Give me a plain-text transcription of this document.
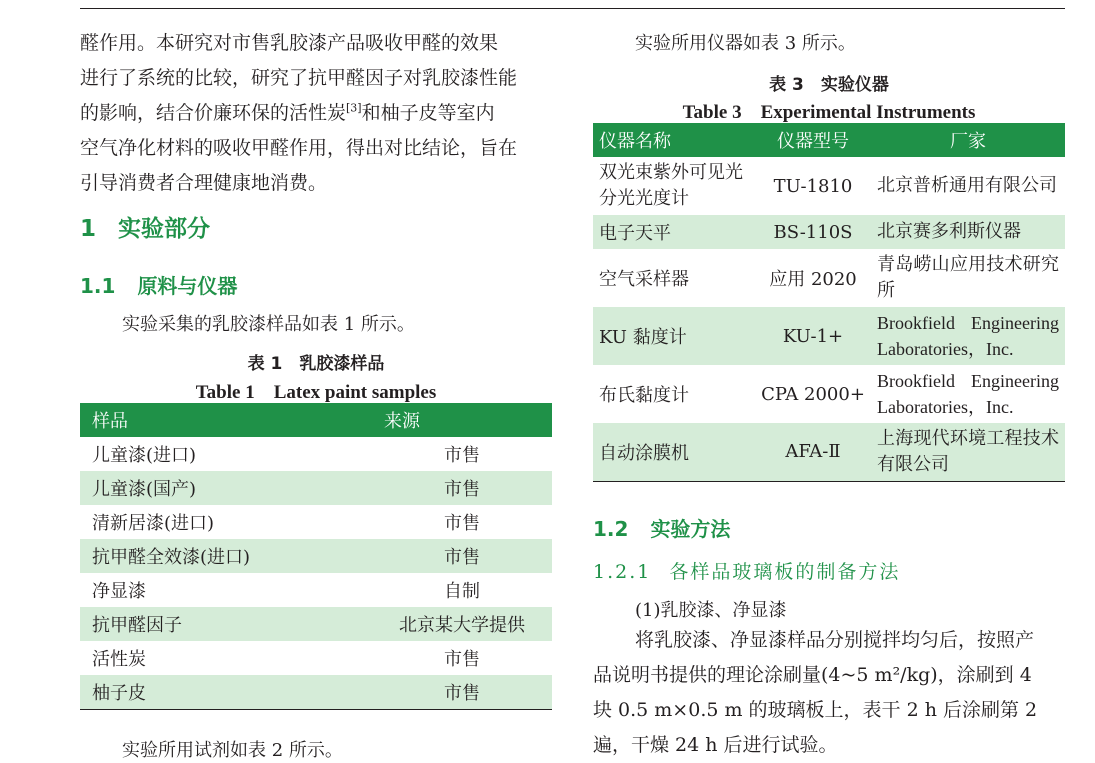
醛作用。本研究对市售乳胶漆产品吸收甲醛的效果
进行了系统的比较，研究了抗甲醛因子对乳胶漆性能
的影响，结合价廉环保的活性炭[3]和柚子皮等室内
空气净化材料的吸收甲醛作用，得出对比结论，旨在
引导消费者合理健康地消费。

1 实验部分
1.1 原料与仪器
实验采集的乳胶漆样品如表 1 所示。
表 1　乳胶漆样品
Table 1　Latex paint samples
样品	来源
儿童漆(进口)	市售
儿童漆(国产)	市售
清新居漆(进口)	市售
抗甲醛全效漆(进口)	市售
净显漆	自制
抗甲醛因子	北京某大学提供
活性炭	市售
柚子皮	市售
实验所用试剂如表 2 所示。
实验所用仪器如表 3 所示。
表 3　实验仪器
Table 3　Experimental Instruments
仪器名称	仪器型号	厂家
双光束紫外可见光分光光度计	TU-1810	北京普析通用有限公司
电子天平	BS-110S	北京赛多利斯仪器
空气采样器	应用 2020	青岛崂山应用技术研究所
KU 黏度计	KU-1+	Brookfield Engineering Laboratories，Inc.
布氏黏度计	CPA 2000+	Brookfield Engineering Laboratories，Inc.
自动涂膜机	AFA-Ⅱ	上海现代环境工程技术有限公司
1.2 实验方法
1.2.1 各样品玻璃板的制备方法
(1)乳胶漆、净显漆

将乳胶漆、净显漆样品分别搅拌均匀后，按照产
品说明书提供的理论涂刷量(4~5 m²/kg)，涂刷到 4
块 0.5 m×0.5 m 的玻璃板上，表干 2 h 后涂刷第 2
遍，干燥 24 h 后进行试验。
